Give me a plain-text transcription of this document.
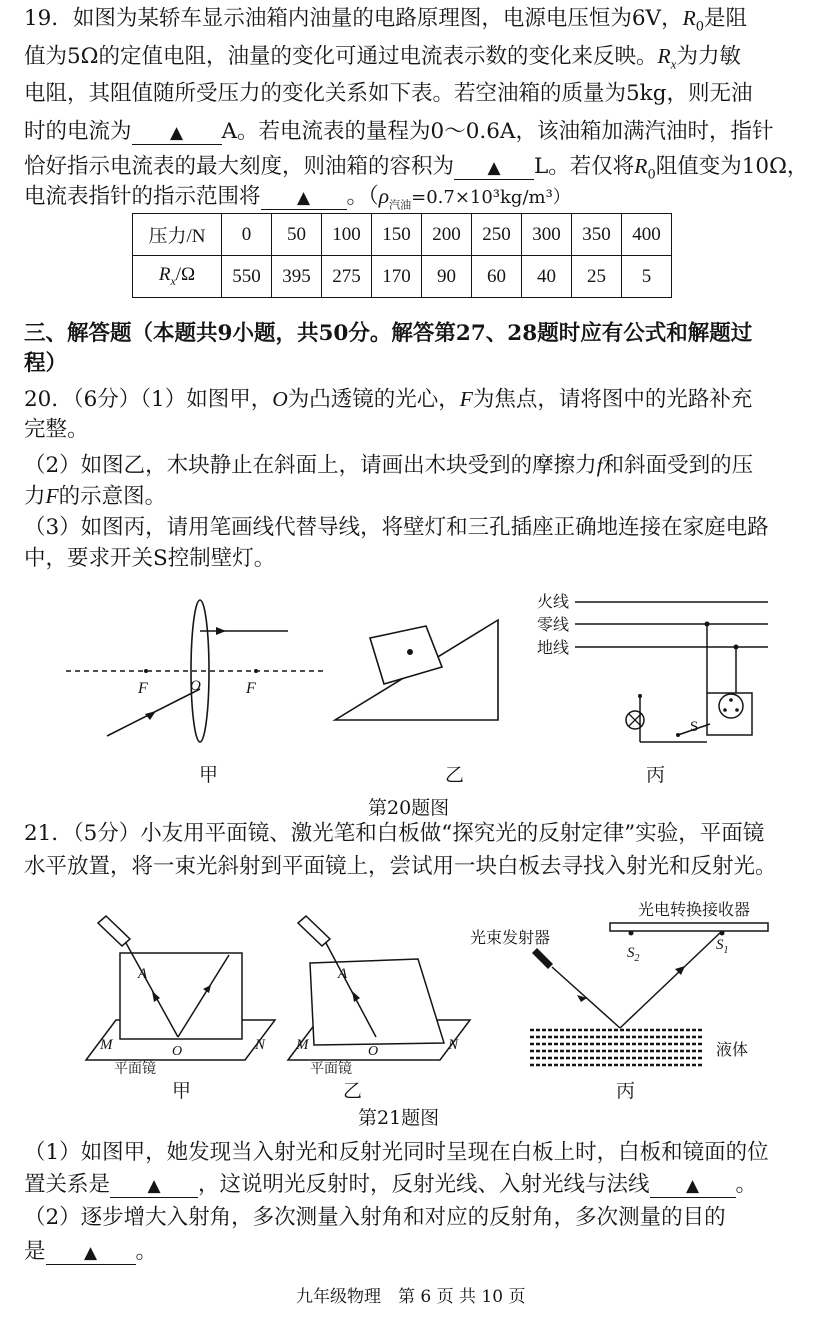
19．如图为某轿车显示油箱内油量的电路原理图，电源电压恒为6V，$R_0$是阻
值为5Ω的定值电阻，油量的变化可通过电流表示数的变化来反映。$R_x$为力敏
电阻，其阻值随所受压力的变化关系如下表。若空油箱的质量为5kg，则无油
时的电流为 ▲ A。若电流表的量程为0～0.6A，该油箱加满汽油时，指针
恰好指示电流表的最大刻度，则油箱的容积为 ▲ L。若仅将$R_0$阻值变为10Ω，
电流表指针的指示范围将 ▲ 。$(\rho_{汽油}=0.7\times 10^3kg/m^3)$
压力/N	0	50	100	150	200	250	300	350	400
$R_x/\Omega$	550	395	275	170	90	60	40	25	5
三、解答题（本题共9小题，共50分。解答第27、28题时应有公式和解题过
程）
20．（6分）（1）如图甲，O为凸透镜的光心，F为焦点，请将图中的光路补充
完整。
（2）如图乙，木块静止在斜面上，请画出木块受到的摩擦力f和斜面受到的压
力F的示意图。
（3）如图丙，请用笔画线代替导线，将壁灯和三孔插座正确地连接在家庭电路
中，要求开关S控制壁灯。
F	F
O
火线
零线
地线
S
甲	乙	丙
第20题图
21．（5分）小友用平面镜、激光笔和白板做“探究光的反射定律”实验，平面镜
水平放置，将一束光斜射到平面镜上，尝试用一块白板去寻找入射光和反射光。
A
M	N
O
平面镜
A
M	N
O
平面镜
光电转换接收器
光束发射器
$S_2$
$S_1$
液体
甲	乙	丙
第21题图
（1）如图甲，她发现当入射光和反射光同时呈现在白板上时，白板和镜面的位
置关系是 ▲ ，这说明光反射时，反射光线、入射光线与法线 ▲ 。
（2）逐步增大入射角，多次测量入射角和对应的反射角，多次测量的目的
是 ▲ 。
九年级物理　第 6 页 共 10 页
